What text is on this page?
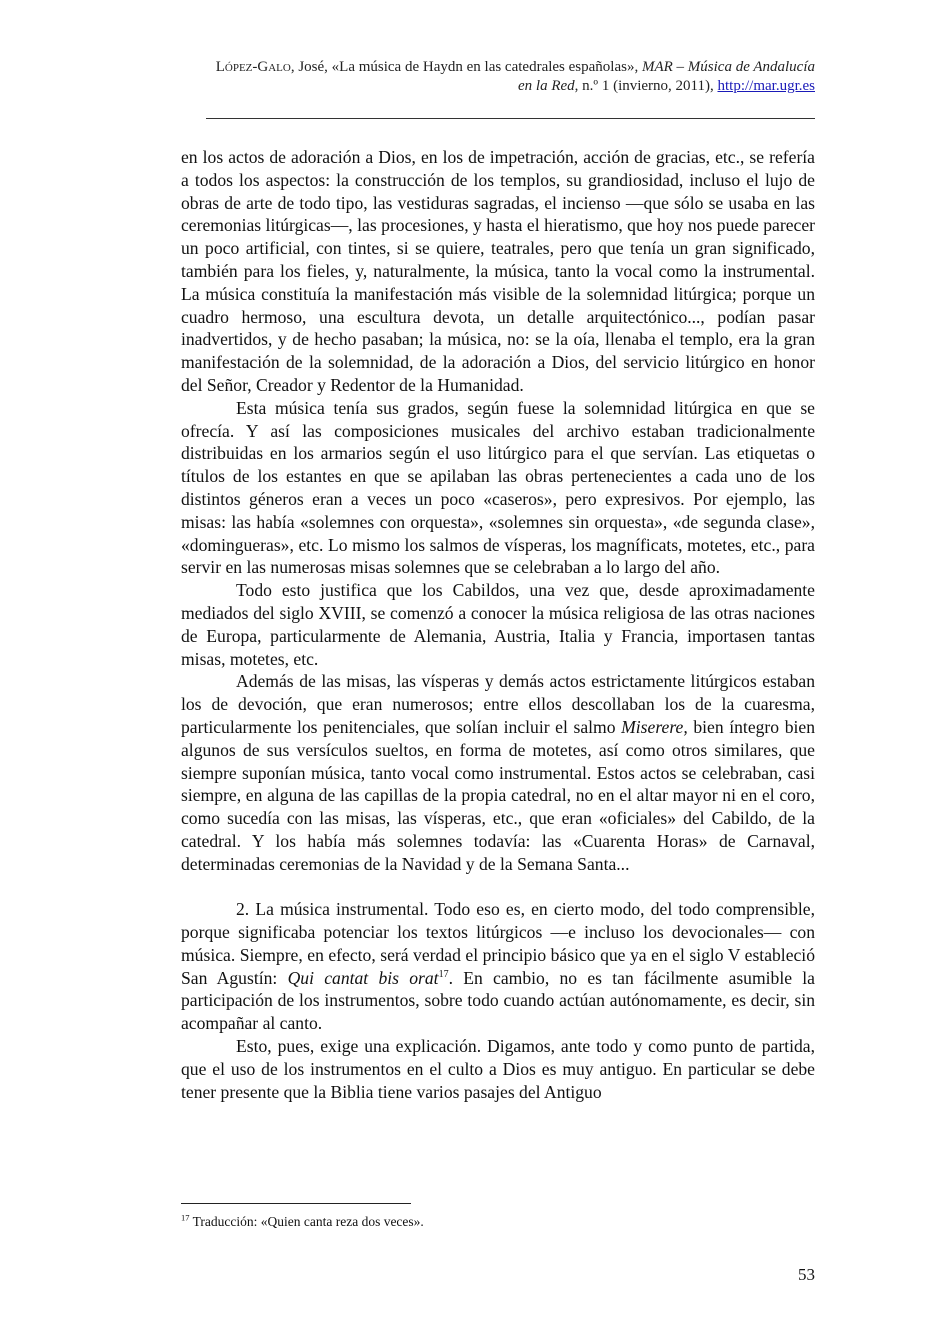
López-Galo, José, «La música de Haydn en las catedrales españolas», MAR – Música de Andalucía en la Red, n.º 1 (invierno, 2011), http://mar.ugr.es

en los actos de adoración a Dios, en los de impetración, acción de gracias, etc., se refería a todos los aspectos: la construcción de los templos, su grandiosidad, incluso el lujo de obras de arte de todo tipo, las vestiduras sagradas, el incienso —que sólo se usaba en las ceremonias litúrgicas—, las procesiones, y hasta el hieratismo, que hoy nos puede parecer un poco artificial, con tintes, si se quiere, teatrales, pero que tenía un gran significado, también para los fieles, y, naturalmente, la música, tanto la vocal como la instrumental. La música constituía la manifestación más visible de la solemnidad litúrgica; porque un cuadro hermoso, una escultura devota, un detalle arquitectónico..., podían pasar inadvertidos, y de hecho pasaban; la música, no: se la oía, llenaba el templo, era la gran manifestación de la solemnidad, de la adoración a Dios, del servicio litúrgico en honor del Señor, Creador y Redentor de la Humanidad.

Esta música tenía sus grados, según fuese la solemnidad litúrgica en que se ofrecía. Y así las composiciones musicales del archivo estaban tradicionalmente distribuidas en los armarios según el uso litúrgico para el que servían. Las etiquetas o títulos de los estantes en que se apilaban las obras pertenecientes a cada uno de los distintos géneros eran a veces un poco «caseros», pero expresivos. Por ejemplo, las misas: las había «solemnes con orquesta», «solemnes sin orquesta», «de segunda clase», «domingueras», etc. Lo mismo los salmos de vísperas, los magníficats, motetes, etc., para servir en las numerosas misas solemnes que se celebraban a lo largo del año.

Todo esto justifica que los Cabildos, una vez que, desde aproximadamente mediados del siglo XVIII, se comenzó a conocer la música religiosa de las otras naciones de Europa, particularmente de Alemania, Austria, Italia y Francia, importasen tantas misas, motetes, etc.

Además de las misas, las vísperas y demás actos estrictamente litúrgicos estaban los de devoción, que eran numerosos; entre ellos descollaban los de la cuaresma, particularmente los penitenciales, que solían incluir el salmo Miserere, bien íntegro bien algunos de sus versículos sueltos, en forma de motetes, así como otros similares, que siempre suponían música, tanto vocal como instrumental. Estos actos se celebraban, casi siempre, en alguna de las capillas de la propia catedral, no en el altar mayor ni en el coro, como sucedía con las misas, las vísperas, etc., que eran «oficiales» del Cabildo, de la catedral. Y los había más solemnes todavía: las «Cuarenta Horas» de Carnaval, determinadas ceremonias de la Navidad y de la Semana Santa...

2. La música instrumental. Todo eso es, en cierto modo, del todo comprensible, porque significaba potenciar los textos litúrgicos —e incluso los devocionales— con música. Siempre, en efecto, será verdad el principio básico que ya en el siglo V estableció San Agustín: Qui cantat bis orat$^{17}$. En cambio, no es tan fácilmente asumible la participación de los instrumentos, sobre todo cuando actúan autónomamente, es decir, sin acompañar al canto.

Esto, pues, exige una explicación. Digamos, ante todo y como punto de partida, que el uso de los instrumentos en el culto a Dios es muy antiguo. En particular se debe tener presente que la Biblia tiene varios pasajes del Antiguo

$^{17}$ Traducción: «Quien canta reza dos veces».
53
